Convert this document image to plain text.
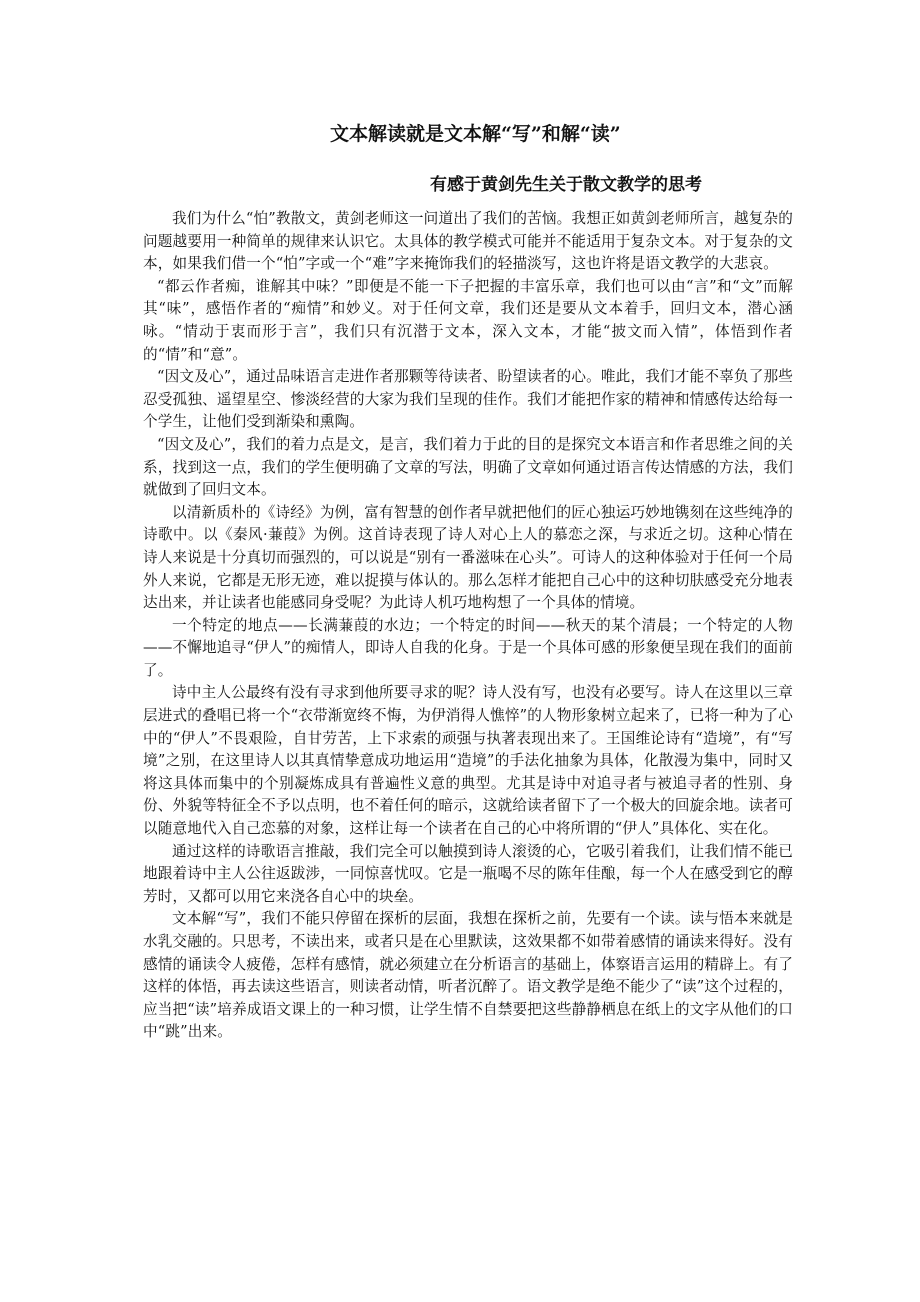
文本解读就是文本解“写”和解“读”
有感于黄剑先生关于散文教学的思考

我们为什么“怕”教散文，黄剑老师这一问道出了我们的苦恼。我想正如黄剑老师所言，越复杂的问题越要用一种简单的规律来认识它。太具体的教学模式可能并不能适用于复杂文本。对于复杂的文本，如果我们借一个“怕”字或一个“难”字来掩饰我们的轻描淡写，这也许将是语文教学的大悲哀。

“都云作者痴，谁解其中味？”即便是不能一下子把握的丰富乐章，我们也可以由“言”和“文”而解其“味”，感悟作者的“痴情”和妙义。对于任何文章，我们还是要从文本着手，回归文本，潜心涵咏。“情动于衷而形于言”，我们只有沉潜于文本，深入文本，才能“披文而入情”，体悟到作者的“情”和“意”。

“因文及心”，通过品味语言走进作者那颗等待读者、盼望读者的心。唯此，我们才能不辜负了那些忍受孤独、遥望星空、惨淡经营的大家为我们呈现的佳作。我们才能把作家的精神和情感传达给每一个学生，让他们受到渐染和熏陶。

“因文及心”，我们的着力点是文，是言，我们着力于此的目的是探究文本语言和作者思维之间的关系，找到这一点，我们的学生便明确了文章的写法，明确了文章如何通过语言传达情感的方法，我们就做到了回归文本。

以清新质朴的《诗经》为例，富有智慧的创作者早就把他们的匠心独运巧妙地镌刻在这些纯净的诗歌中。以《秦风·蒹葭》为例。这首诗表现了诗人对心上人的慕恋之深，与求近之切。这种心情在诗人来说是十分真切而强烈的，可以说是“别有一番滋味在心头”。可诗人的这种体验对于任何一个局外人来说，它都是无形无迹，难以捉摸与体认的。那么怎样才能把自己心中的这种切肤感受充分地表达出来，并让读者也能感同身受呢？为此诗人机巧地构想了一个具体的情境。

一个特定的地点——长满蒹葭的水边；一个特定的时间——秋天的某个清晨；一个特定的人物——不懈地追寻“伊人”的痴情人，即诗人自我的化身。于是一个具体可感的形象便呈现在我们的面前了。

诗中主人公最终有没有寻求到他所要寻求的呢？诗人没有写，也没有必要写。诗人在这里以三章层进式的叠唱已将一个“衣带渐宽终不悔，为伊消得人憔悴”的人物形象树立起来了，已将一种为了心中的“伊人”不畏艰险，自甘劳苦，上下求索的顽强与执著表现出来了。王国维论诗有“造境”，有“写境”之别，在这里诗人以其真情挚意成功地运用“造境”的手法化抽象为具体，化散漫为集中，同时又将这具体而集中的个别凝炼成具有普遍性义意的典型。尤其是诗中对追寻者与被追寻者的性别、身份、外貌等特征全不予以点明，也不着任何的暗示，这就给读者留下了一个极大的回旋余地。读者可以随意地代入自己恋慕的对象，这样让每一个读者在自己的心中将所谓的“伊人”具体化、实在化。

通过这样的诗歌语言推敲，我们完全可以触摸到诗人滚烫的心，它吸引着我们，让我们情不能已地跟着诗中主人公往返跋涉，一同惊喜忧叹。它是一瓶喝不尽的陈年佳酿，每一个人在感受到它的醇芳时，又都可以用它来浇各自心中的块垒。

文本解“写”，我们不能只停留在探析的层面，我想在探析之前，先要有一个读。读与悟本来就是水乳交融的。只思考，不读出来，或者只是在心里默读，这效果都不如带着感情的诵读来得好。没有感情的诵读令人疲倦，怎样有感情，就必须建立在分析语言的基础上，体察语言运用的精辟上。有了这样的体悟，再去读这些语言，则读者动情，听者沉醉了。语文教学是绝不能少了“读”这个过程的，应当把“读”培养成语文课上的一种习惯，让学生情不自禁要把这些静静栖息在纸上的文字从他们的口中“跳”出来。
